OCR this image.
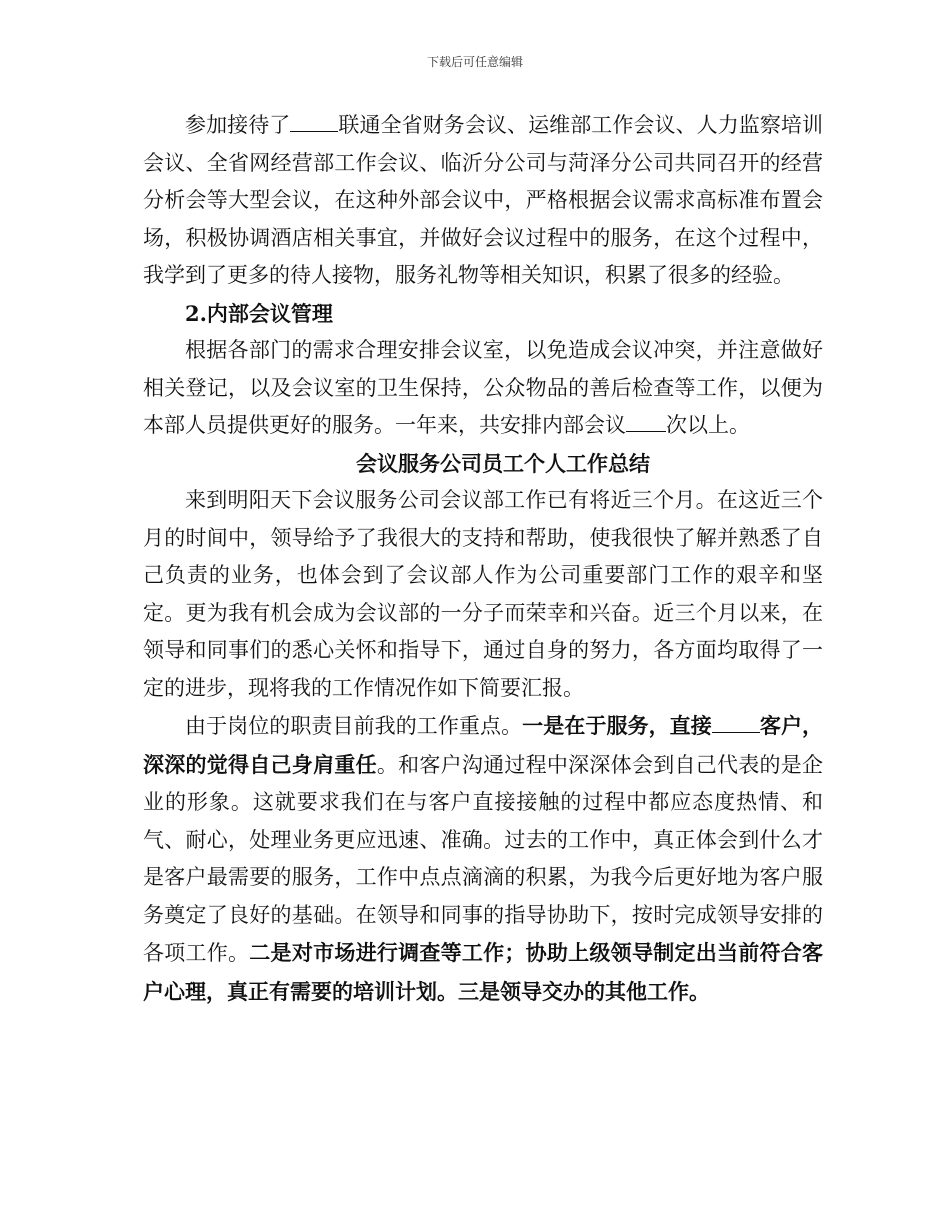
下载后可任意编辑

参加接待了 联通全省财务会议、运维部工作会议、人力监察培训会议、全省网经营部工作会议、临沂分公司与菏泽分公司共同召开的经营分析会等大型会议，在这种外部会议中，严格根据会议需求高标准布置会场，积极协调酒店相关事宜，并做好会议过程中的服务，在这个过程中，我学到了更多的待人接物，服务礼物等相关知识，积累了很多的经验。

2.内部会议管理

根据各部门的需求合理安排会议室，以免造成会议冲突，并注意做好相关登记，以及会议室的卫生保持，公众物品的善后检查等工作，以便为本部人员提供更好的服务。一年来，共安排内部会议 次以上。

会议服务公司员工个人工作总结

来到明阳天下会议服务公司会议部工作已有将近三个月。在这近三个月的时间中，领导给予了我很大的支持和帮助，使我很快了解并熟悉了自己负责的业务，也体会到了会议部人作为公司重要部门工作的艰辛和坚定。更为我有机会成为会议部的一分子而荣幸和兴奋。近三个月以来，在领导和同事们的悉心关怀和指导下，通过自身的努力，各方面均取得了一定的进步，现将我的工作情况作如下简要汇报。

由于岗位的职责目前我的工作重点。一是在于服务，直接 客户，深深的觉得自己身肩重任。和客户沟通过程中深深体会到自己代表的是企业的形象。这就要求我们在与客户直接接触的过程中都应态度热情、和气、耐心，处理业务更应迅速、准确。过去的工作中，真正体会到什么才是客户最需要的服务，工作中点点滴滴的积累，为我今后更好地为客户服务奠定了良好的基础。在领导和同事的指导协助下，按时完成领导安排的各项工作。二是对市场进行调查等工作；协助上级领导制定出当前符合客户心理，真正有需要的培训计划。三是领导交办的其他工作。
